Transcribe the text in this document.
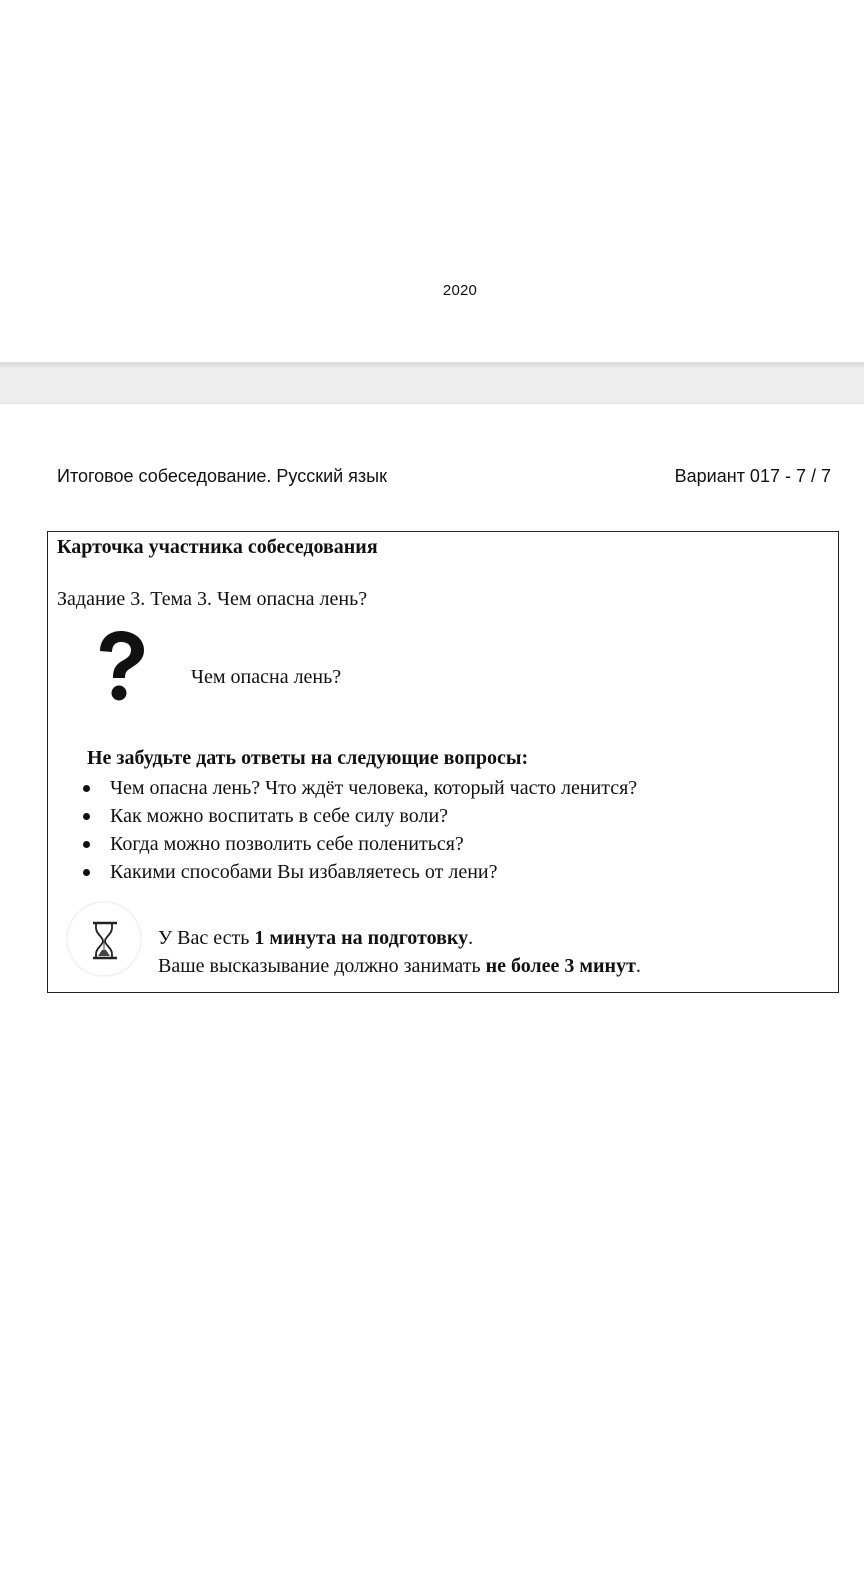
2020
Итоговое собеседование. Русский язык	Вариант 017 - 7 / 7
Карточка участника собеседования
Задание 3. Тема 3. Чем опасна лень?
Чем опасна лень?
Не забудьте дать ответы на следующие вопросы:
Чем опасна лень? Что ждёт человека, который часто ленится?
Как можно воспитать в себе силу воли?
Когда можно позволить себе полениться?
Какими способами Вы избавляетесь от лени?
У Вас есть 1 минута на подготовку.
Ваше высказывание должно занимать не более 3 минут.
